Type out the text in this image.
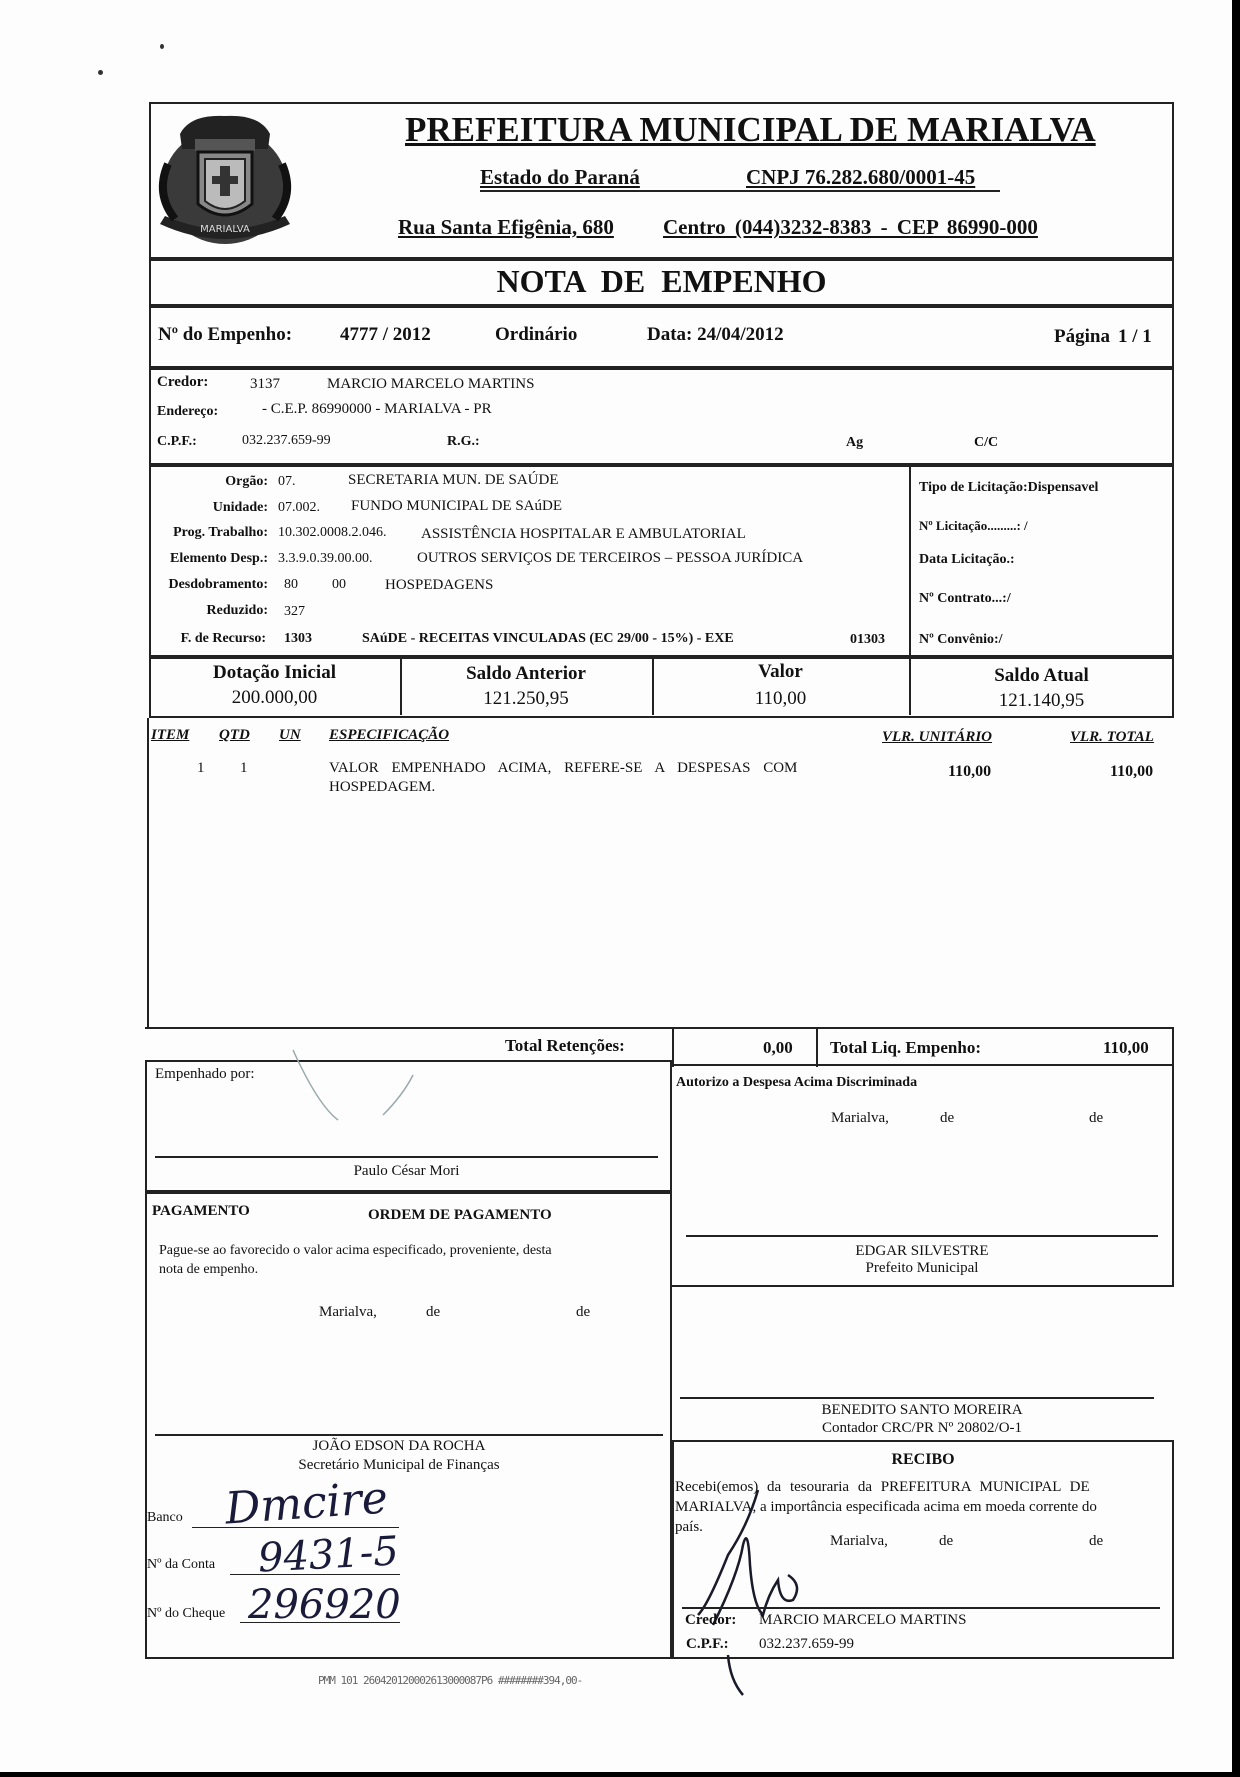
MARIALVA
PREFEITURA MUNICIPAL DE MARIALVA
Estado do Paraná	CNPJ 76.282.680/0001-45
Rua Santa Efigênia, 680 Centro (044)3232-8383 - CEP 86990-000
NOTA DE EMPENHO
Nº do Empenho:	4777 / 2012	Ordinário	Data: 24/04/2012	Página 1 / 1
Credor:	3137	MARCIO MARCELO MARTINS
Endereço:	- C.E.P. 86990000 - MARIALVA - PR
C.P.F.:	032.237.659-99	R.G.:	Ag	C/C
Orgão: 07.	SECRETARIA MUN. DE SAÚDE
Unidade: 07.002. FUNDO MUNICIPAL DE SAúDE
Prog. Trabalho: 10.302.0008.2.046. ASSISTÊNCIA HOSPITALAR E AMBULATORIAL
Elemento Desp.: 3.3.9.0.39.00.00.	OUTROS SERVIÇOS DE TERCEIROS – PESSOA JURÍDICA
Desdobramento: 80 00	HOSPEDAGENS
Reduzido: 327
F. de Recurso: 1303	SAúDE - RECEITAS VINCULADAS (EC 29/00 - 15%) - EXE	01303
Tipo de Licitação:Dispensavel
Nº Licitação.........: /
Data Licitação.:
Nº Contrato...:/
Nº Convênio:/
Dotação Inicial
200.000,00
Saldo Anterior
121.250,95
Valor
110,00
Saldo Atual
121.140,95
ITEM QTD UN ESPECIFICAÇÃO	VLR. UNITÁRIO	VLR. TOTAL
1 1	VALOR EMPENHADO ACIMA, REFERE-SE A DESPESAS COM
HOSPEDAGEM.
110,00	110,00
Total Retenções:	0,00 Total Liq. Empenho:	110,00
Empenhado por:
Paulo César Mori
Autorizo a Despesa Acima Discriminada
Marialva,	de	de
PAGAMENTO	ORDEM DE PAGAMENTO
Pague-se ao favorecido o valor acima especificado, proveniente, desta
nota de empenho.
Marialva,	de	de
JOÃO EDSON DA ROCHA
Secretário Municipal de Finanças
Banco Dmcire
Nº da Conta 9431-5
Nº do Cheque 296920
EDGAR SILVESTRE
Prefeito Municipal
BENEDITO SANTO MOREIRA
Contador CRC/PR Nº 20802/O-1
RECIBO
Recebi(emos) da tesouraria da PREFEITURA MUNICIPAL DE
MARIALVA, a importância especificada acima em moeda corrente do
país.
Marialva,	de	de
Credor: MARCIO MARCELO MARTINS
C.P.F.: 032.237.659-99
PMM 101 260420120002613000087P6 ########394,00-
